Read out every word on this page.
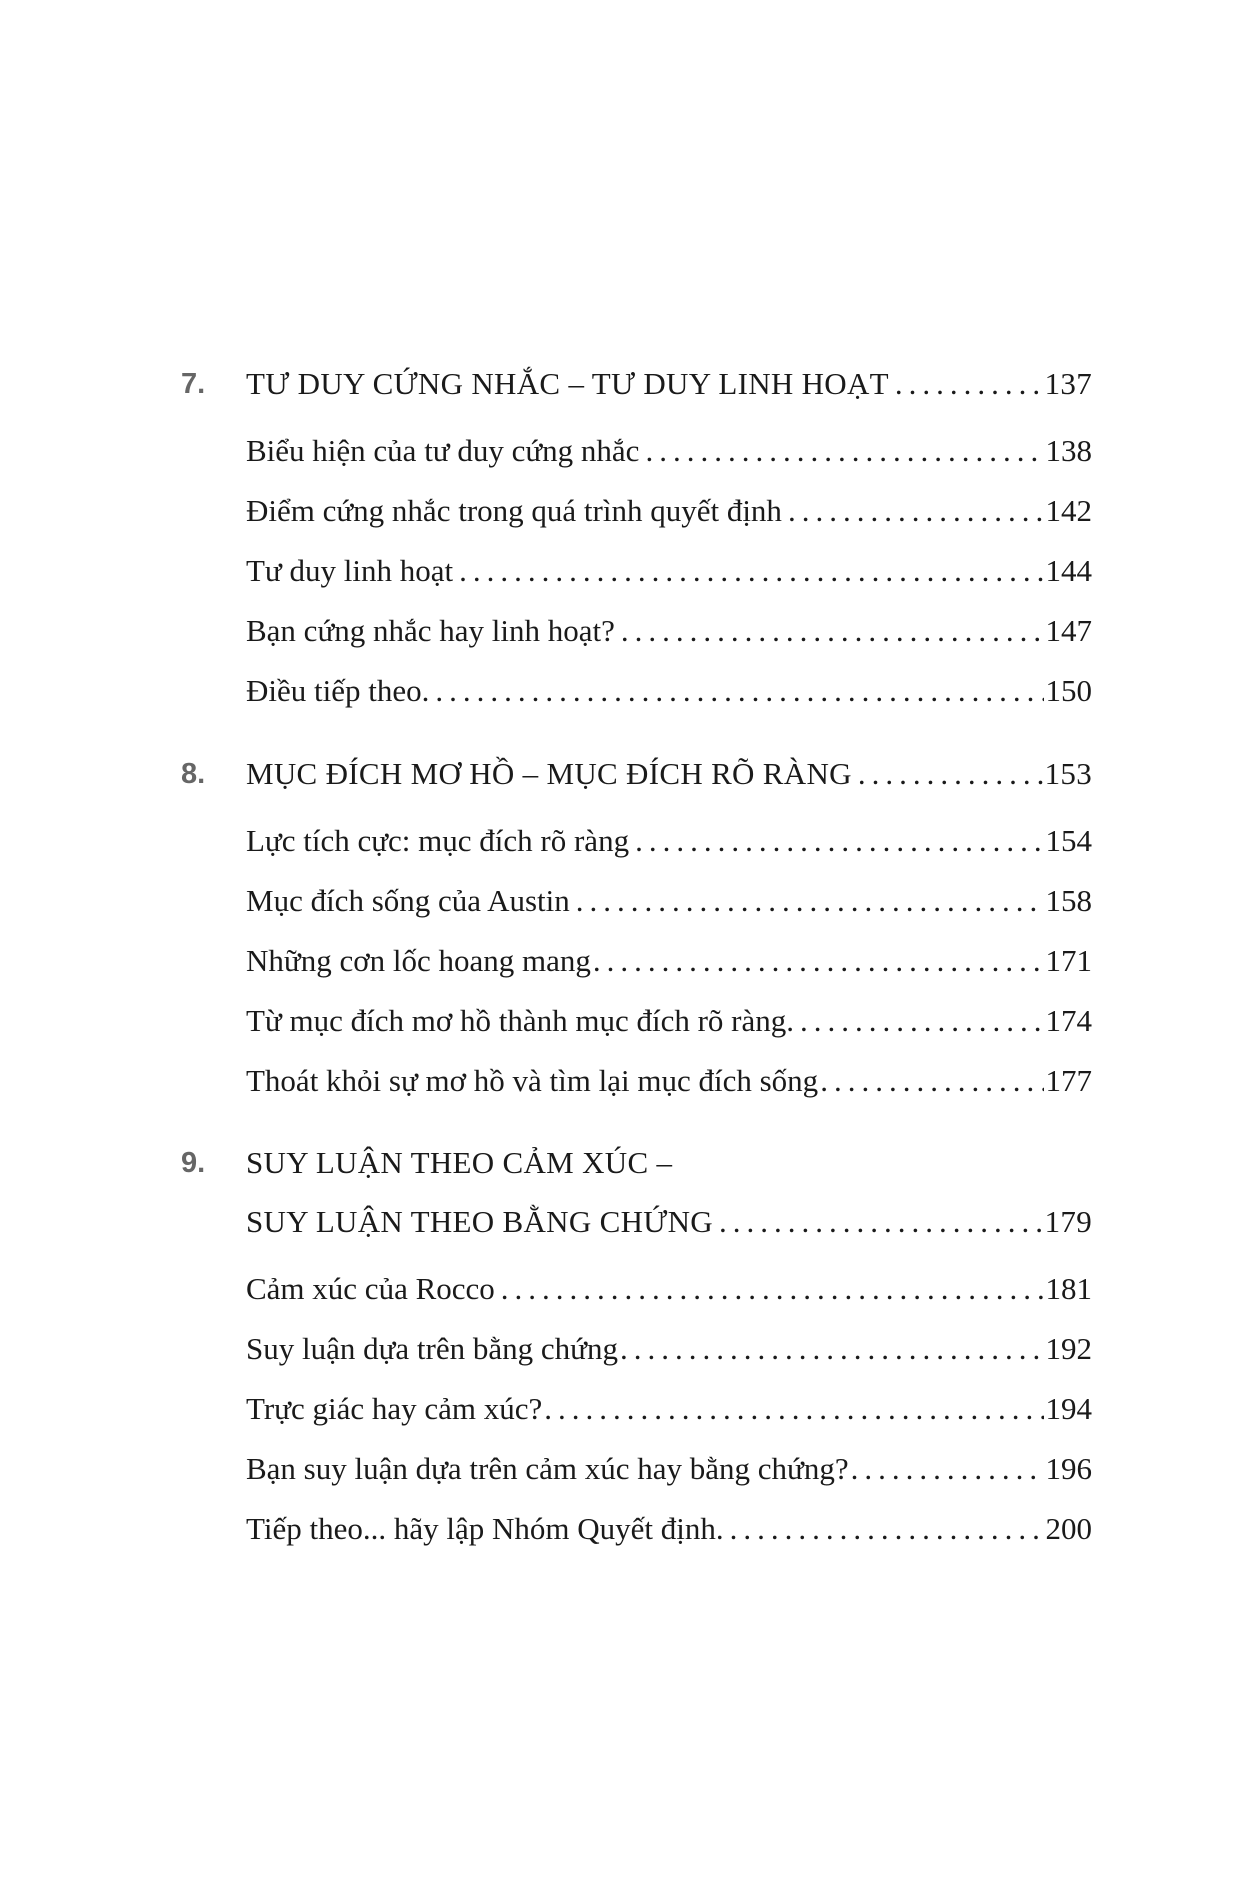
7.	TƯ DUY CỨNG NHẮC – TƯ DUY LINH HOẠT .....	137
Biểu hiện của tư duy cứng nhắc .....	138
Điểm cứng nhắc trong quá trình quyết định .....	142
Tư duy linh hoạt .....	144
Bạn cứng nhắc hay linh hoạt? .....	147
Điều tiếp theo .....	150
8.	MỤC ĐÍCH MƠ HỒ – MỤC ĐÍCH RÕ RÀNG .....	153
Lực tích cực: mục đích rõ ràng .....	154
Mục đích sống của Austin .....	158
Những cơn lốc hoang mang .....	171
Từ mục đích mơ hồ thành mục đích rõ ràng .....	174
Thoát khỏi sự mơ hồ và tìm lại mục đích sống .....	177
9.	SUY LUẬN THEO CẢM XÚC –
SUY LUẬN THEO BẰNG CHỨNG .....	179
Cảm xúc của Rocco .....	181
Suy luận dựa trên bằng chứng .....	192
Trực giác hay cảm xúc? .....	194
Bạn suy luận dựa trên cảm xúc hay bằng chứng? .....	196
Tiếp theo... hãy lập Nhóm Quyết định .....	200
